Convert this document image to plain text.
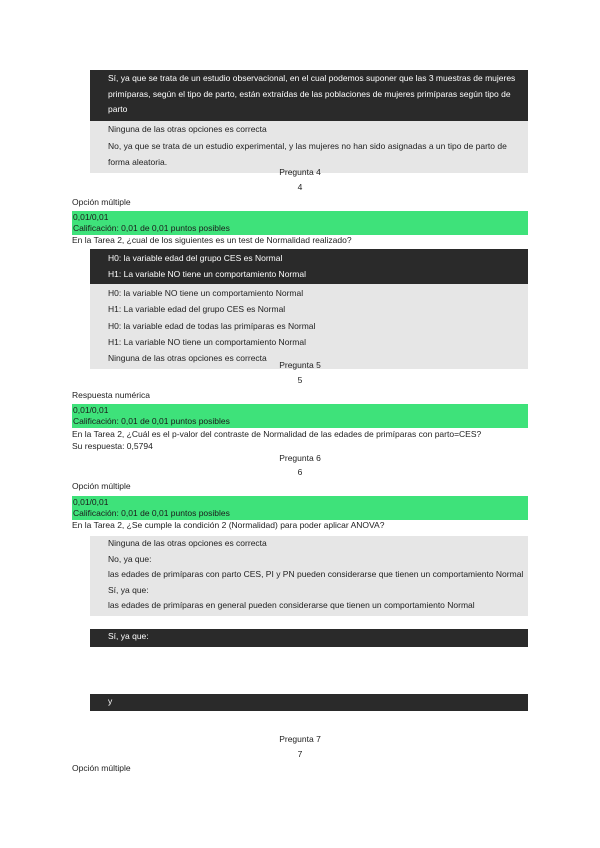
Sí, ya que se trata de un estudio observacional, en el cual podemos suponer que las 3 muestras de mujeres primíparas, según el tipo de parto, están extraídas de las poblaciones de mujeres primíparas según tipo de parto
Ninguna de las otras opciones es correcta
No, ya que se trata de un estudio experimental, y las mujeres no han sido asignadas a un tipo de parto de forma aleatoria.
Pregunta 4
4
Opción múltiple
0,01/0,01
Calificación: 0,01 de 0,01 puntos posibles
En la Tarea 2, ¿cual de los siguientes es un test de Normalidad realizado?
H0: la variable edad del grupo CES es Normal
H1: La variable NO tiene un comportamiento Normal
H0: la variable NO tiene un comportamiento Normal
H1: La variable edad del grupo CES es Normal
H0: la variable edad de todas las primíparas es Normal
H1: La variable NO tiene un comportamiento Normal
Ninguna de las otras opciones es correcta
Pregunta 5
5
Respuesta numérica
0,01/0,01
Calificación: 0,01 de 0,01 puntos posibles
En la Tarea 2, ¿Cuál es el p-valor del contraste de Normalidad de las edades de primíparas con parto=CES?
Su respuesta: 0,5794
Pregunta 6
6
Opción múltiple
0,01/0,01
Calificación: 0,01 de 0,01 puntos posibles
En la Tarea 2, ¿Se cumple la condición 2 (Normalidad) para poder aplicar ANOVA?
Ninguna de las otras opciones es correcta
No, ya que:
las edades de primíparas con parto CES, PI y PN pueden considerarse que tienen un comportamiento Normal
Sí, ya que:
las edades de primíparas en general pueden considerarse que tienen un comportamiento Normal
Sí, ya que:
y
Pregunta 7
7
Opción múltiple
